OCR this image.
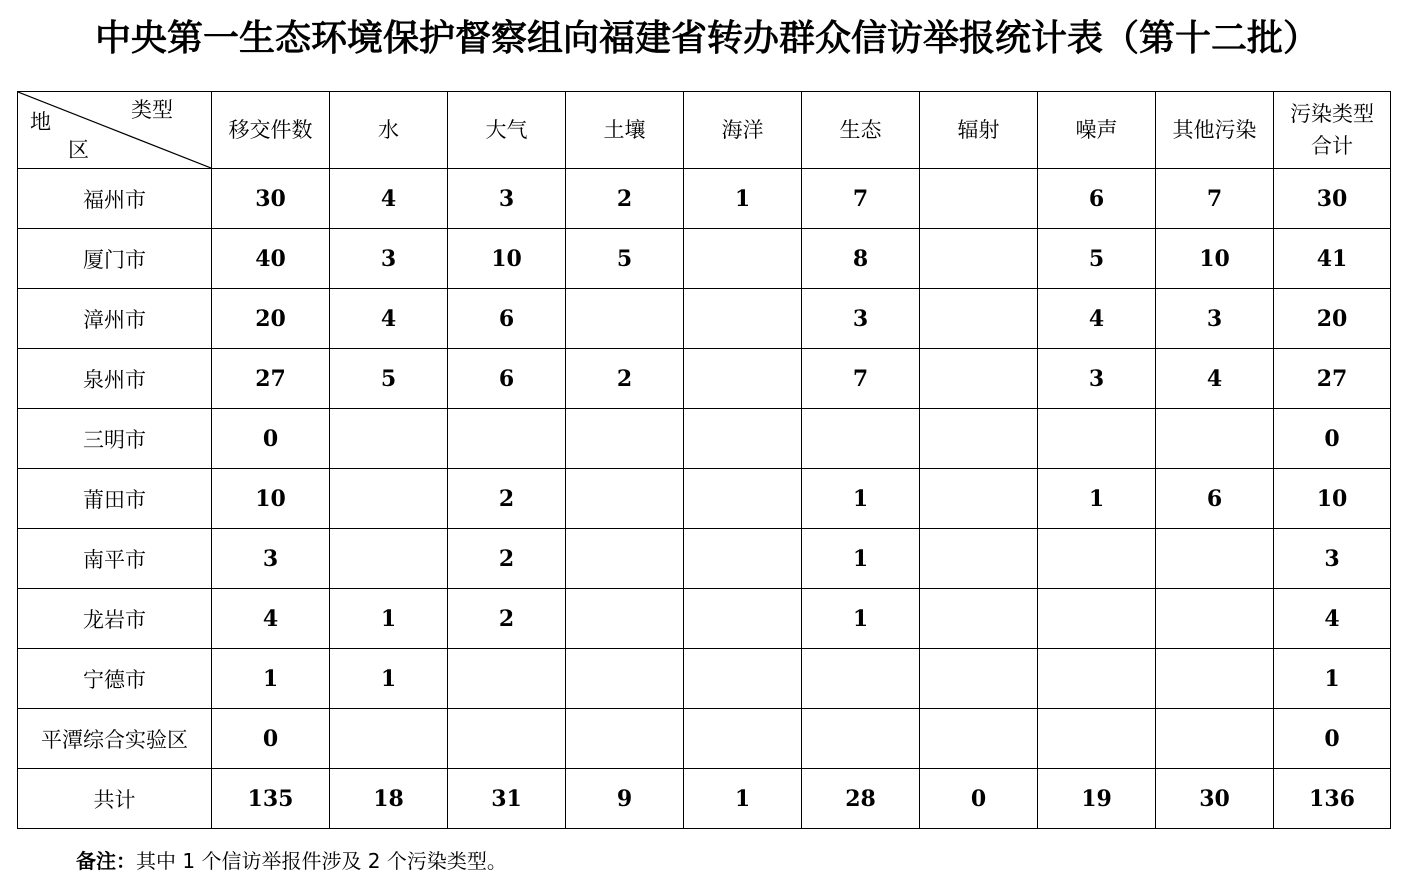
中央第一生态环境保护督察组向福建省转办群众信访举报统计表（第十二批）
类型
地
区	移交件数	水	大气	土壤	海洋	生态	辐射	噪声	其他污染	污染类型
合计

福州市	30	4	3	2	1	7		6	7	30
厦门市	40	3	10	5		8		5	10	41
漳州市	20	4	6			3		4	3	20
泉州市	27	5	6	2		7		3	4	27
三明市	0									0
莆田市	10		2			1		1	6	10
南平市	3		2			1				3
龙岩市	4	1	2			1				4
宁德市	1	1								1
平潭综合实验区	0									0
共计	135	18	31	9	1	28	0	19	30	136
备注：其中 1 个信访举报件涉及 2 个污染类型。
